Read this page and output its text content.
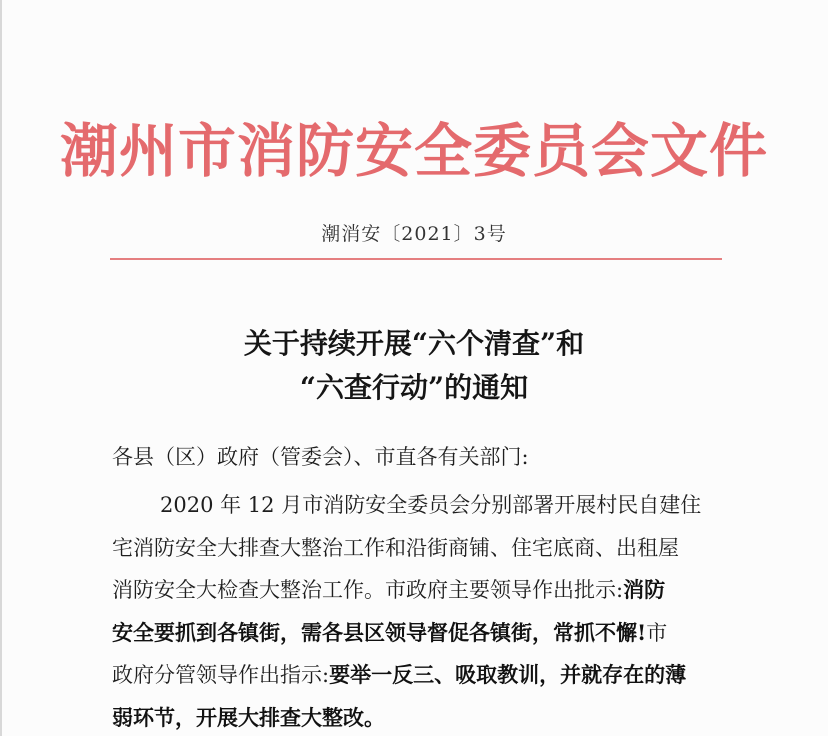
潮州市消防安全委员会文件
潮消安〔2021〕3号
关于持续开展“六个清查”和
“六查行动”的通知
各县（区）政府（管委会）、市直各有关部门:
2020 年 12 月市消防安全委员会分别部署开展村民自建住
宅消防安全大排查大整治工作和沿街商铺、住宅底商、出租屋
消防安全大检查大整治工作。市政府主要领导作出批示:消防
安全要抓到各镇街，需各县区领导督促各镇街，常抓不懈!市
政府分管领导作出指示:要举一反三、吸取教训，并就存在的薄
弱环节，开展大排查大整改。
